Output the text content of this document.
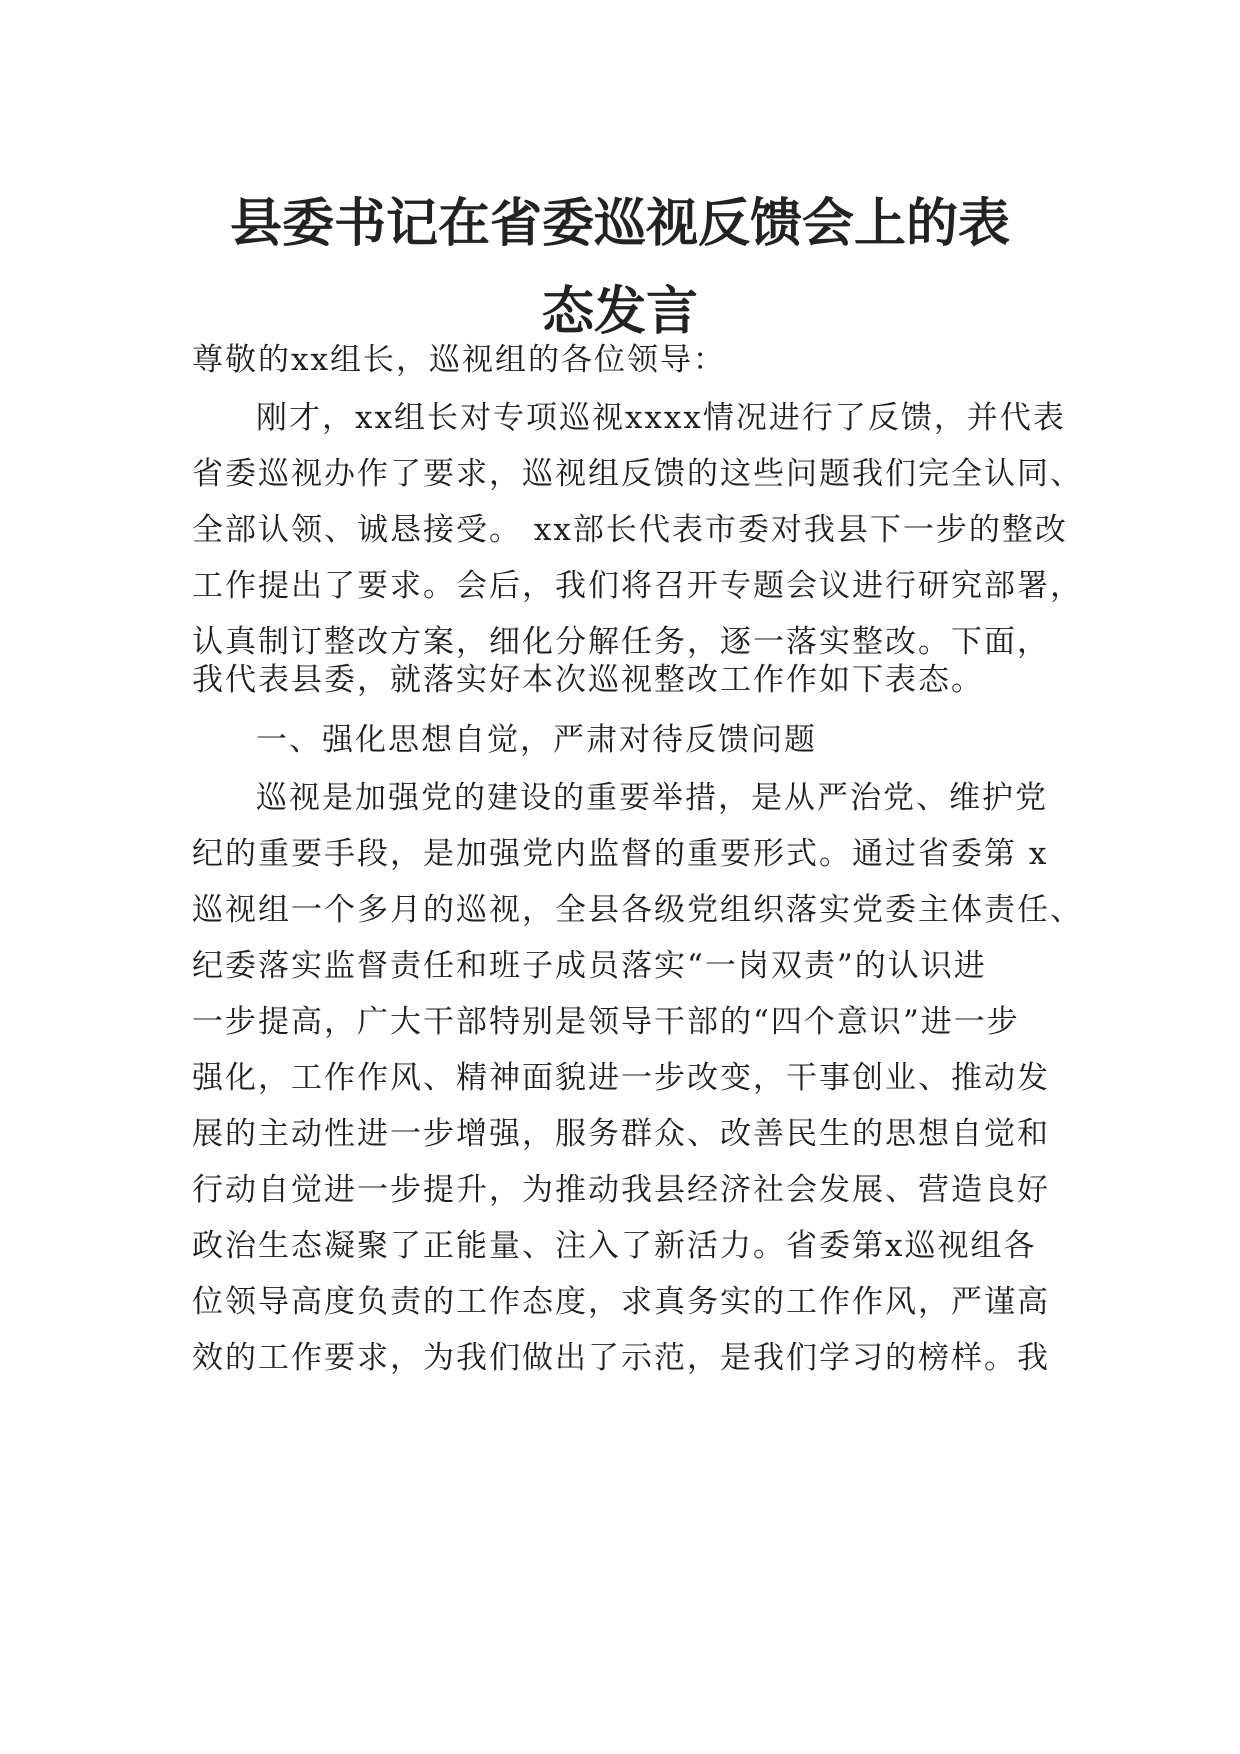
县委书记在省委巡视反馈会上的表
态发言

尊敬的xx组长，巡视组的各位领导：

刚才，xx组长对专项巡视xxxx情况进行了反馈，并代表

省委巡视办作了要求，巡视组反馈的这些问题我们完全认同、

全部认领、诚恳接受。 xx部长代表市委对我县下一步的整改

工作提出了要求。会后，我们将召开专题会议进行研究部署，

认真制订整改方案，细化分解任务，逐一落实整改。下面，

我代表县委，就落实好本次巡视整改工作作如下表态。

一、强化思想自觉，严肃对待反馈问题

巡视是加强党的建设的重要举措，是从严治党、维护党

纪的重要手段，是加强党内监督的重要形式。通过省委第 x

巡视组一个多月的巡视，全县各级党组织落实党委主体责任、

纪委落实监督责任和班子成员落实“一岗双责”的认识进

一步提高，广大干部特别是领导干部的“四个意识”进一步

强化，工作作风、精神面貌进一步改变，干事创业、推动发

展的主动性进一步增强，服务群众、改善民生的思想自觉和

行动自觉进一步提升，为推动我县经济社会发展、营造良好

政治生态凝聚了正能量、注入了新活力。省委第x巡视组各

位领导高度负责的工作态度，求真务实的工作作风，严谨高

效的工作要求，为我们做出了示范，是我们学习的榜样。我
